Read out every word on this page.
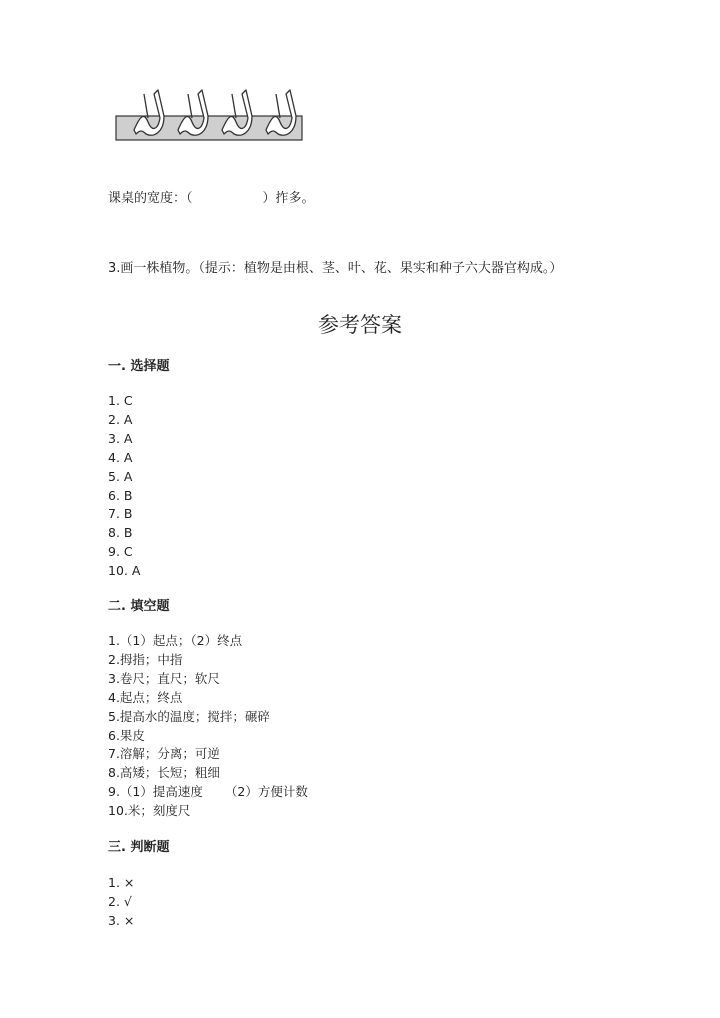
课桌的宽度：（	）拃多。
3.画一株植物。（提示：植物是由根、茎、叶、花、果实和种子六大器官构成。）
参考答案
一. 选择题
1. C
2. A
3. A
4. A
5. A
6. B
7. B
8. B
9. C
10. A
二. 填空题
1.（1）起点；（2）终点
2.拇指；中指
3.卷尺；直尺；软尺
4.起点；终点
5.提高水的温度；搅拌；碾碎
6.果皮
7.溶解；分离；可逆
8.高矮；长短；粗细
9.（1）提高速度 （2）方便计数
10.米；刻度尺
三. 判断题
1. ×
2. √
3. ×
